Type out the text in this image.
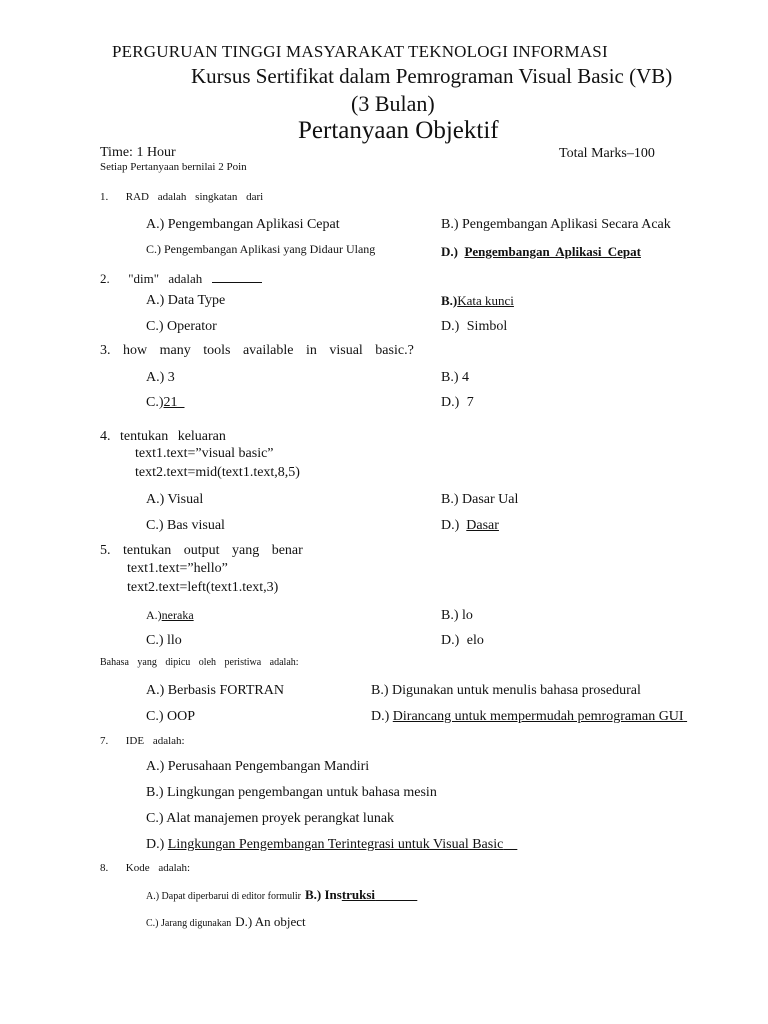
PERGURUAN TINGGI MASYARAKAT TEKNOLOGI INFORMASI
Kursus Sertifikat dalam Pemrograman Visual Basic (VB)
(3 Bulan)
Pertanyaan Objektif
Time: 1 Hour	Total Marks–100
Setiap Pertanyaan bernilai 2 Poin
1. RAD adalah singkatan dari
A.) Pengembangan Aplikasi Cepat	B.) Pengembangan Aplikasi Secara Acak
C.) Pengembangan Aplikasi yang Didaur Ulang	D.) Pengembangan Aplikasi Cepat
2. "dim" adalah
A.) Data Type	B.)Kata kunci
C.) Operator	D.) Simbol
3. how many tools available in visual basic.?
A.) 3	B.) 4
C.)21	D.) 7
4. tentukan keluaran
text1.text=”visual basic”
text2.text=mid(text1.text,8,5)
A.) Visual	B.) Dasar Ual
C.) Bas visual	D.) Dasar
5. tentukan output yang benar
text1.text=”hello”
text2.text=left(text1.text,3)
A.)neraka	B.) lo
C.) llo	D.) elo
Bahasa yang dipicu oleh peristiwa adalah:
A.) Berbasis FORTRAN	B.) Digunakan untuk menulis bahasa prosedural
C.) OOP	D.) Dirancang untuk mempermudah pemrograman GUI
7. IDE adalah:
A.) Perusahaan Pengembangan Mandiri
B.) Lingkungan pengembangan untuk bahasa mesin
C.) Alat manajemen proyek perangkat lunak
D.) Lingkungan Pengembangan Terintegrasi untuk Visual Basic
8. Kode adalah:
A.) Dapat diperbarui di editor formulir B.) Instruksi
C.) Jarang digunakan D.) An object
